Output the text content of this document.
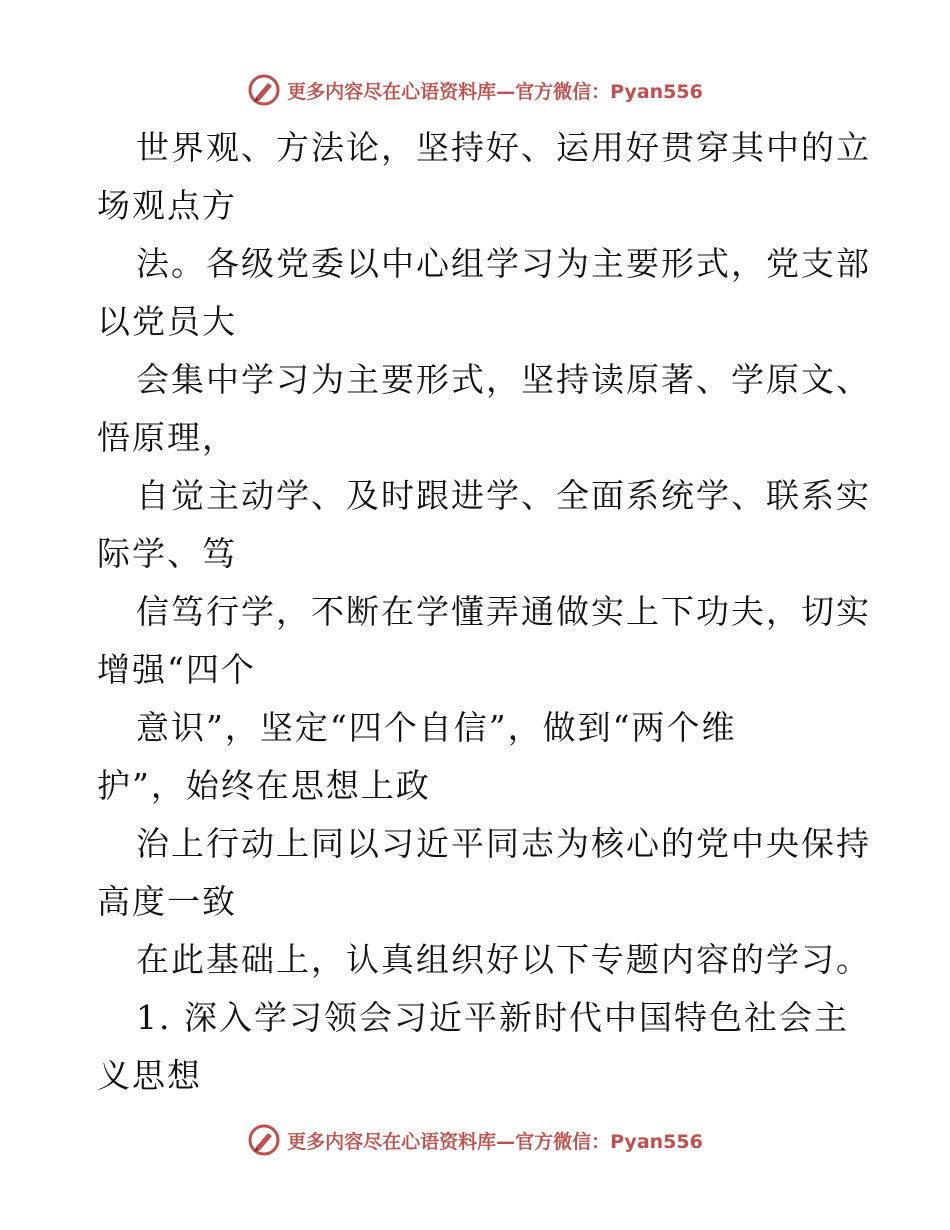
更多内容尽在心语资料库—官方微信：Pyan556
世界观、方法论，坚持好、运用好贯穿其中的立
场观点方
法。各级党委以中心组学习为主要形式，党支部
以党员大
会集中学习为主要形式，坚持读原著、学原文、
悟原理，
自觉主动学、及时跟进学、全面系统学、联系实
际学、笃
信笃行学，不断在学懂弄通做实上下功夫，切实
增强“四个
意识”，坚定“四个自信”，做到“两个维
护”，始终在思想上政
治上行动上同以习近平同志为核心的党中央保持
高度一致
在此基础上，认真组织好以下专题内容的学习。
1. 深入学习领会习近平新时代中国特色社会主
义思想
更多内容尽在心语资料库—官方微信：Pyan556
